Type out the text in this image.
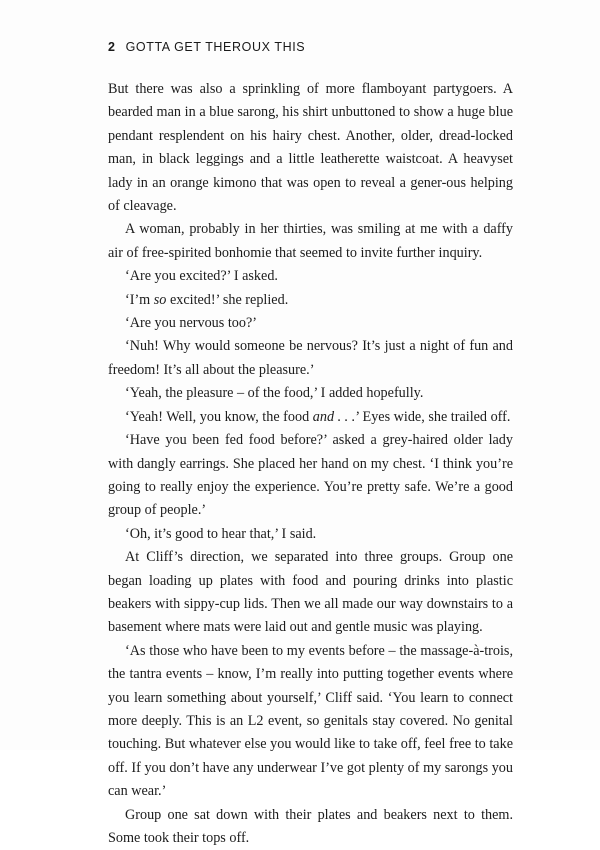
2 GOTTA GET THEROUX THIS

But there was also a sprinkling of more flamboyant partygoers. A bearded man in a blue sarong, his shirt unbuttoned to show a huge blue pendant resplendent on his hairy chest. Another, older, dread-locked man, in black leggings and a little leatherette waistcoat. A heavyset lady in an orange kimono that was open to reveal a gener-ous helping of cleavage.

A woman, probably in her thirties, was smiling at me with a daffy air of free-spirited bonhomie that seemed to invite further inquiry.

‘Are you excited?’ I asked.

‘I’m so excited!’ she replied.

‘Are you nervous too?’

‘Nuh! Why would someone be nervous? It’s just a night of fun and freedom! It’s all about the pleasure.’

‘Yeah, the pleasure – of the food,’ I added hopefully.

‘Yeah! Well, you know, the food and . . .’ Eyes wide, she trailed off.

‘Have you been fed food before?’ asked a grey-haired older lady with dangly earrings. She placed her hand on my chest. ‘I think you’re going to really enjoy the experience. You’re pretty safe. We’re a good group of people.’

‘Oh, it’s good to hear that,’ I said.

At Cliff’s direction, we separated into three groups. Group one began loading up plates with food and pouring drinks into plastic beakers with sippy-cup lids. Then we all made our way downstairs to a basement where mats were laid out and gentle music was playing.

‘As those who have been to my events before – the massage-à-trois, the tantra events – know, I’m really into putting together events where you learn something about yourself,’ Cliff said. ‘You learn to connect more deeply. This is an L2 event, so genitals stay covered. No genital touching. But whatever else you would like to take off, feel free to take off. If you don’t have any underwear I’ve got plenty of my sarongs you can wear.’

Group one sat down with their plates and beakers next to them. Some took their tops off.
